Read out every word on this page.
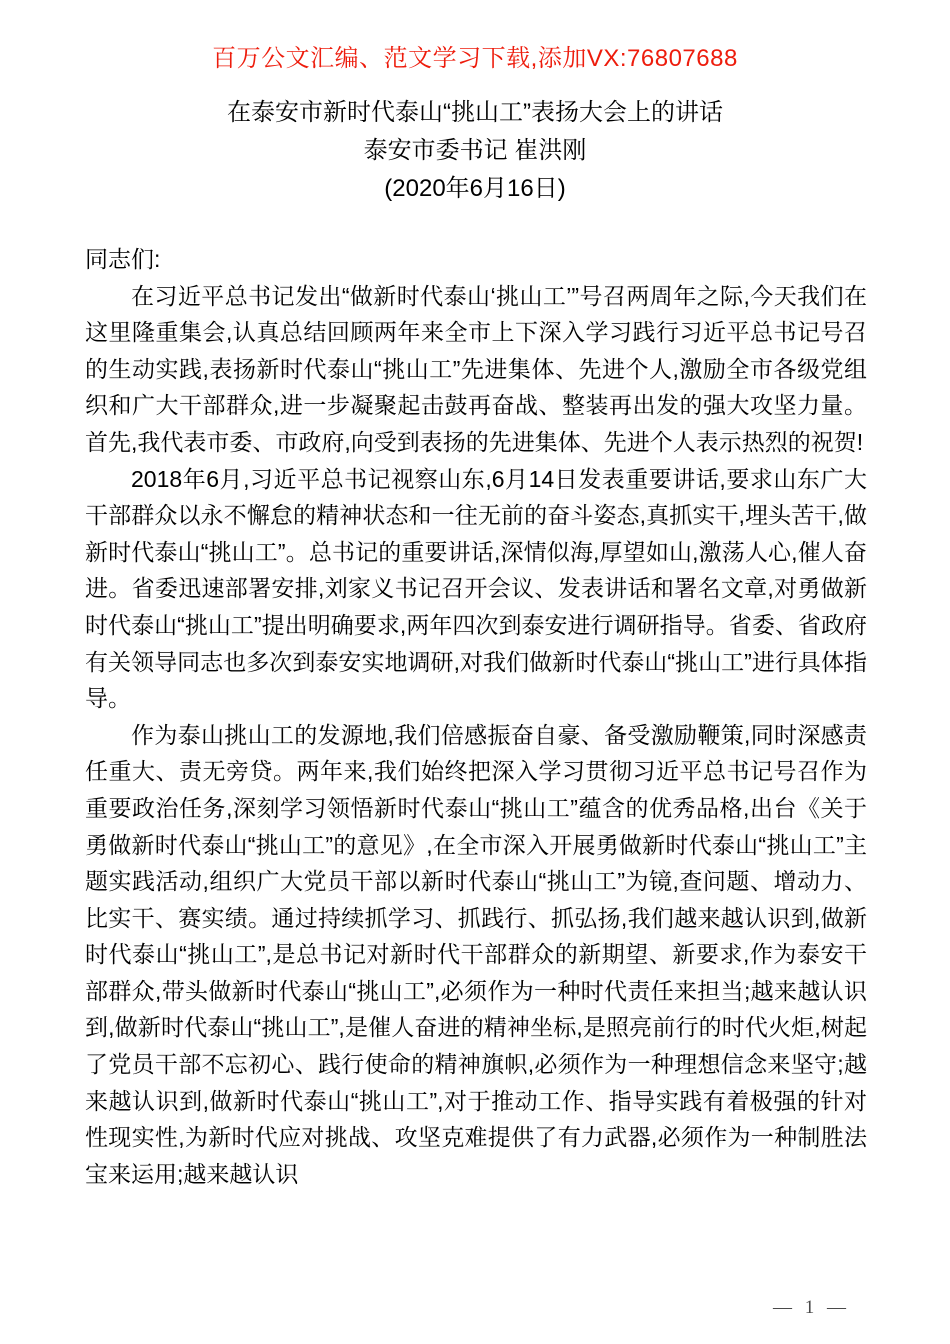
百万公文汇编、范文学习下载,添加VX:76807688
在泰安市新时代泰山“挑山工”表扬大会上的讲话
泰安市委书记 崔洪刚
(2020年6月16日)

同志们:

在习近平总书记发出“做新时代泰山‘挑山工’”号召两周年之际,今天我们在这里隆重集会,认真总结回顾两年来全市上下深入学习践行习近平总书记号召的生动实践,表扬新时代泰山“挑山工”先进集体、先进个人,激励全市各级党组织和广大干部群众,进一步凝聚起击鼓再奋战、整装再出发的强大攻坚力量。首先,我代表市委、市政府,向受到表扬的先进集体、先进个人表示热烈的祝贺!

2018年6月,习近平总书记视察山东,6月14日发表重要讲话,要求山东广大干部群众以永不懈怠的精神状态和一往无前的奋斗姿态,真抓实干,埋头苦干,做新时代泰山“挑山工”。总书记的重要讲话,深情似海,厚望如山,激荡人心,催人奋进。省委迅速部署安排,刘家义书记召开会议、发表讲话和署名文章,对勇做新时代泰山“挑山工”提出明确要求,两年四次到泰安进行调研指导。省委、省政府有关领导同志也多次到泰安实地调研,对我们做新时代泰山“挑山工”进行具体指导。

作为泰山挑山工的发源地,我们倍感振奋自豪、备受激励鞭策,同时深感责任重大、责无旁贷。两年来,我们始终把深入学习贯彻习近平总书记号召作为重要政治任务,深刻学习领悟新时代泰山“挑山工”蕴含的优秀品格,出台《关于勇做新时代泰山“挑山工”的意见》,在全市深入开展勇做新时代泰山“挑山工”主题实践活动,组织广大党员干部以新时代泰山“挑山工”为镜,查问题、增动力、比实干、赛实绩。通过持续抓学习、抓践行、抓弘扬,我们越来越认识到,做新时代泰山“挑山工”,是总书记对新时代干部群众的新期望、新要求,作为泰安干部群众,带头做新时代泰山“挑山工”,必须作为一种时代责任来担当;越来越认识到,做新时代泰山“挑山工”,是催人奋进的精神坐标,是照亮前行的时代火炬,树起了党员干部不忘初心、践行使命的精神旗帜,必须作为一种理想信念来坚守;越来越认识到,做新时代泰山“挑山工”,对于推动工作、指导实践有着极强的针对性现实性,为新时代应对挑战、攻坚克难提供了有力武器,必须作为一种制胜法宝来运用;越来越认识

— 1 —
